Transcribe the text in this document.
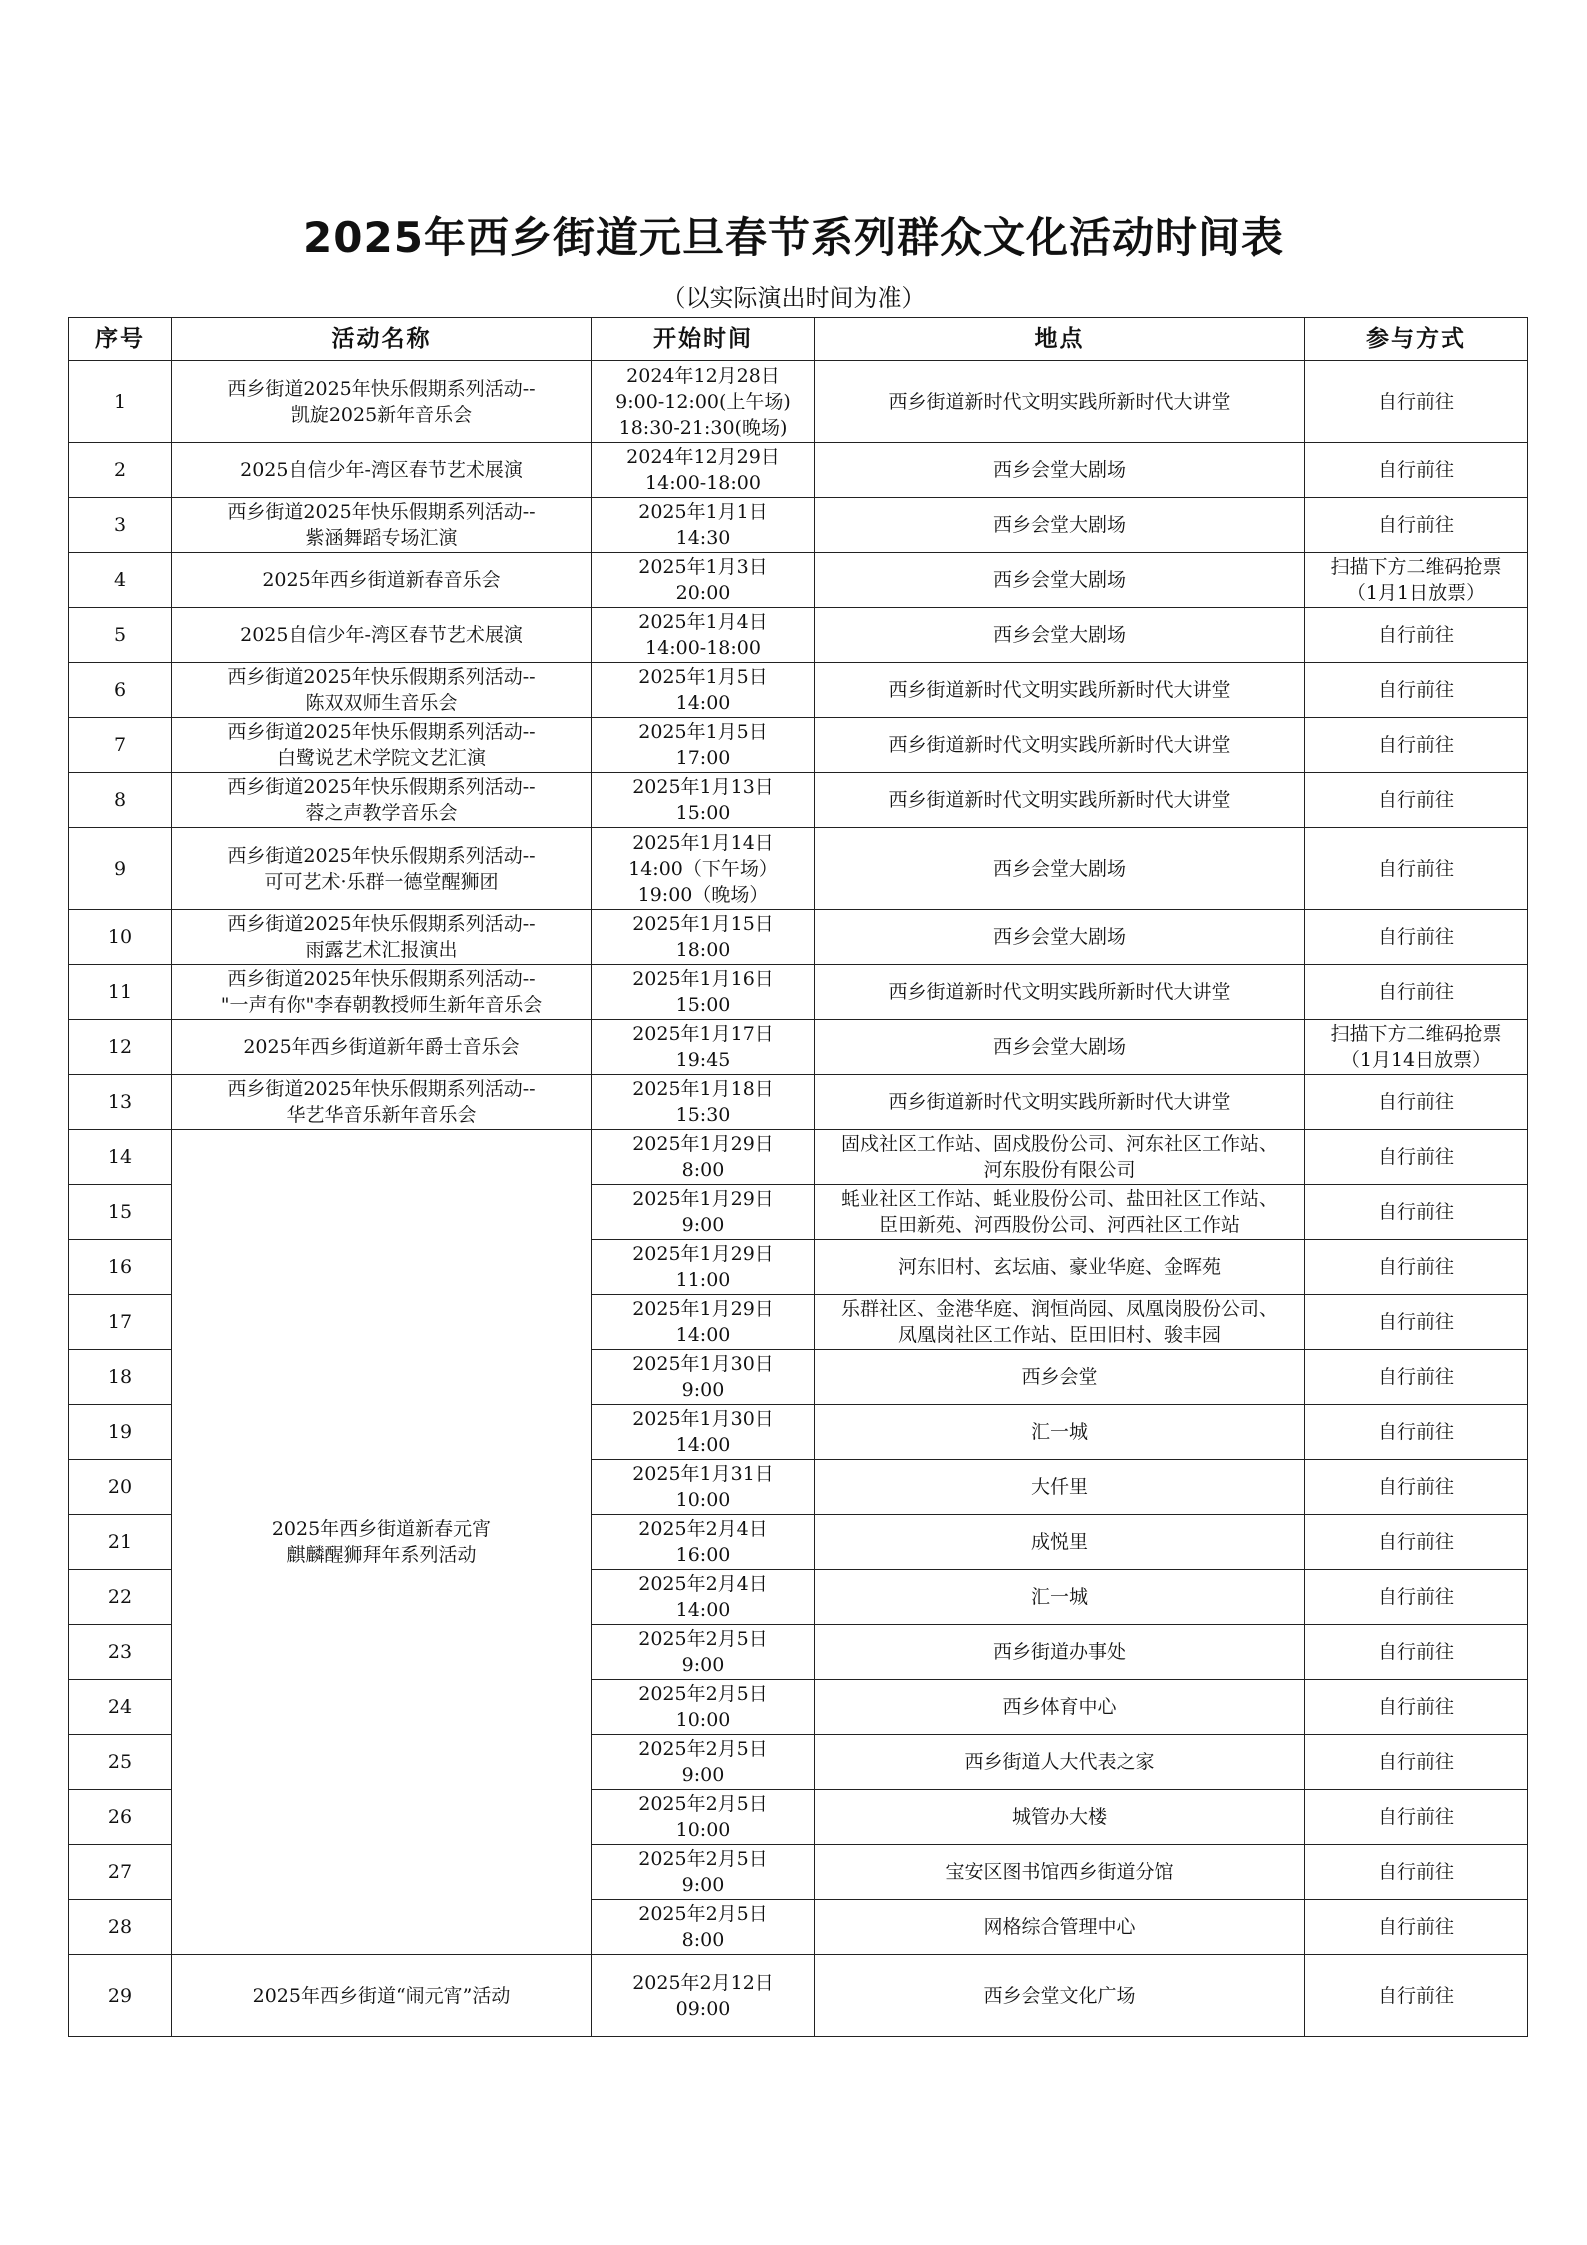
2025年西乡街道元旦春节系列群众文化活动时间表
（以实际演出时间为准）
序号	活动名称	开始时间	地点	参与方式
1	西乡街道2025年快乐假期系列活动--
凯旋2025新年音乐会	2024年12月28日
9:00-12:00(上午场)
18:30-21:30(晚场)	西乡街道新时代文明实践所新时代大讲堂	自行前往

2	2025自信少年-湾区春节艺术展演	2024年12月29日
14:00-18:00	西乡会堂大剧场	自行前往

3	西乡街道2025年快乐假期系列活动--
紫涵舞蹈专场汇演	2025年1月1日
14:30	西乡会堂大剧场	自行前往

4	2025年西乡街道新春音乐会	2025年1月3日
20:00	西乡会堂大剧场	扫描下方二维码抢票
（1月1日放票）

5	2025自信少年-湾区春节艺术展演	2025年1月4日
14:00-18:00	西乡会堂大剧场	自行前往

6	西乡街道2025年快乐假期系列活动--
陈双双师生音乐会	2025年1月5日
14:00	西乡街道新时代文明实践所新时代大讲堂	自行前往

7	西乡街道2025年快乐假期系列活动--
白鹭说艺术学院文艺汇演	2025年1月5日
17:00	西乡街道新时代文明实践所新时代大讲堂	自行前往

8	西乡街道2025年快乐假期系列活动--
蓉之声教学音乐会	2025年1月13日
15:00	西乡街道新时代文明实践所新时代大讲堂	自行前往

9	西乡街道2025年快乐假期系列活动--
可可艺术·乐群一德堂醒狮团	2025年1月14日
14:00（下午场）
19:00（晚场）	西乡会堂大剧场	自行前往

10	西乡街道2025年快乐假期系列活动--
雨露艺术汇报演出	2025年1月15日
18:00	西乡会堂大剧场	自行前往

11	西乡街道2025年快乐假期系列活动--
"一声有你"李春朝教授师生新年音乐会	2025年1月16日
15:00	西乡街道新时代文明实践所新时代大讲堂	自行前往

12	2025年西乡街道新年爵士音乐会	2025年1月17日
19:45	西乡会堂大剧场	扫描下方二维码抢票
（1月14日放票）

13	西乡街道2025年快乐假期系列活动--
华艺华音乐新年音乐会	2025年1月18日
15:30	西乡街道新时代文明实践所新时代大讲堂	自行前往

14	2025年西乡街道新春元宵
麒麟醒狮拜年系列活动	2025年1月29日
8:00	固戍社区工作站、固戍股份公司、河东社区工作站、
河东股份有限公司	自行前往

15		2025年1月29日
9:00	蚝业社区工作站、蚝业股份公司、盐田社区工作站、
臣田新苑、河西股份公司、河西社区工作站	自行前往

16		2025年1月29日
11:00	河东旧村、玄坛庙、豪业华庭、金晖苑	自行前往

17		2025年1月29日
14:00	乐群社区、金港华庭、润恒尚园、凤凰岗股份公司、
凤凰岗社区工作站、臣田旧村、骏丰园	自行前往

18		2025年1月30日
9:00	西乡会堂	自行前往

19		2025年1月30日
14:00	汇一城	自行前往

20		2025年1月31日
10:00	大仟里	自行前往

21		2025年2月4日
16:00	成悦里	自行前往

22		2025年2月4日
14:00	汇一城	自行前往

23		2025年2月5日
9:00	西乡街道办事处	自行前往

24		2025年2月5日
10:00	西乡体育中心	自行前往

25		2025年2月5日
9:00	西乡街道人大代表之家	自行前往

26		2025年2月5日
10:00	城管办大楼	自行前往

27		2025年2月5日
9:00	宝安区图书馆西乡街道分馆	自行前往

28		2025年2月5日
8:00	网格综合管理中心	自行前往

29	2025年西乡街道“闹元宵”活动	2025年2月12日
09:00	西乡会堂文化广场	自行前往
